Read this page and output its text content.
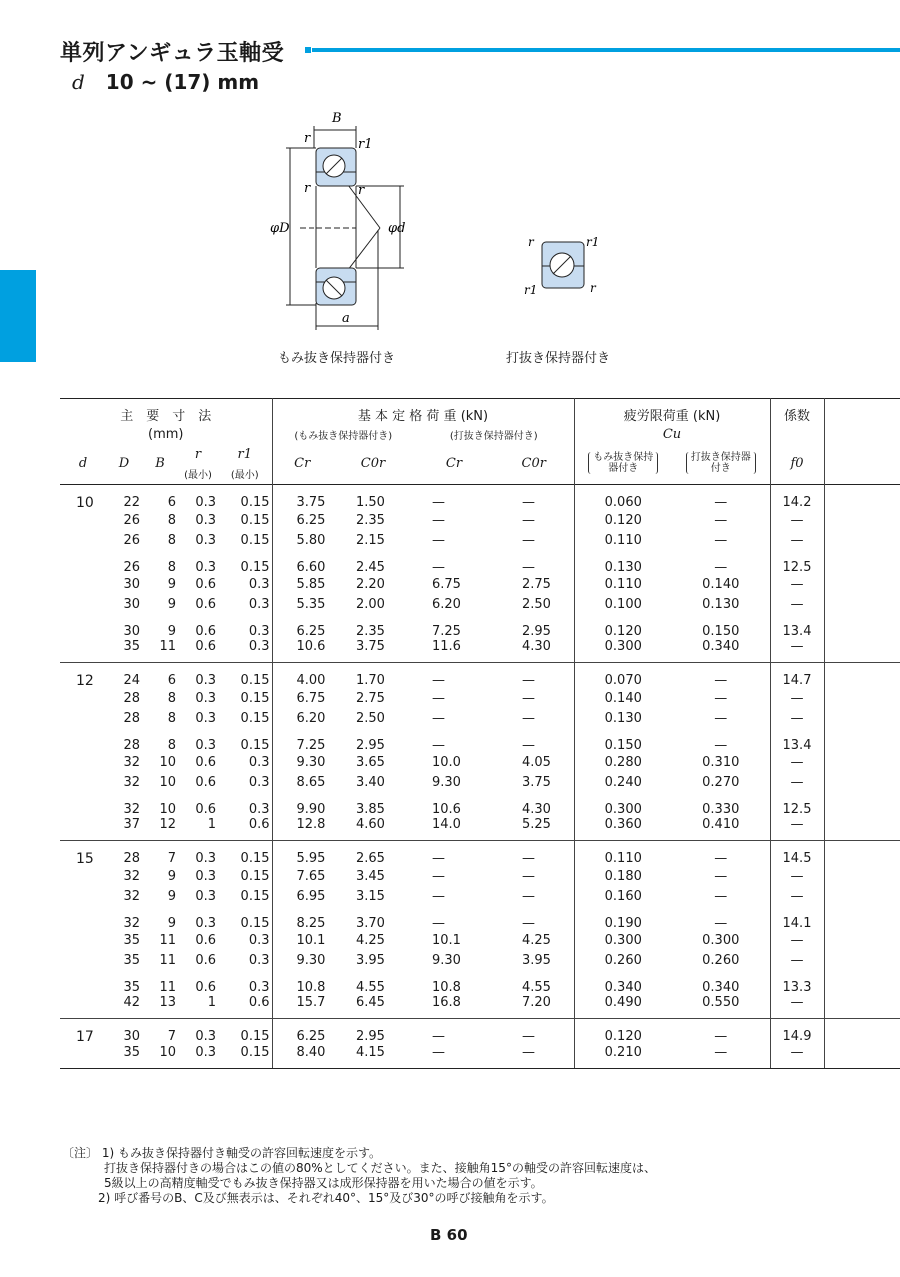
単列アンギュラ玉軸受
d 10 ~ (17) mm
B
r	r1
r	r
φD	φd
a
r	r1
r1	r
もみ抜き保持器付き	打抜き保持器付き
主　要　寸　法					基 本 定 格 荷 重 (kN)				疲労限荷重 (kN)		係数	
(mm)					(もみ抜き保持器付き)		(打抜き保持器付き)		Cu			
d	D	B	r	r1	Cr	C0r	Cr	C0r	もみ抜き保持器付き	打抜き保持器付き	f0	
			(最小)	(最小)								
10	22	6	0.3	0.15	3.75	1.50	—	—	0.060	—	14.2	
	26	8	0.3	0.15	6.25	2.35	—	—	0.120	—	—	
	26	8	0.3	0.15	5.80	2.15	—	—	0.110	—	—	
	26	8	0.3	0.15	6.60	2.45	—	—	0.130	—	12.5	
	30	9	0.6	0.3	5.85	2.20	6.75	2.75	0.110	0.140	—	
	30	9	0.6	0.3	5.35	2.00	6.20	2.50	0.100	0.130	—	
	30	9	0.6	0.3	6.25	2.35	7.25	2.95	0.120	0.150	13.4	
	35	11	0.6	0.3	10.6	3.75	11.6	4.30	0.300	0.340	—	
12	24	6	0.3	0.15	4.00	1.70	—	—	0.070	—	14.7	
	28	8	0.3	0.15	6.75	2.75	—	—	0.140	—	—	
	28	8	0.3	0.15	6.20	2.50	—	—	0.130	—	—	
	28	8	0.3	0.15	7.25	2.95	—	—	0.150	—	13.4	
	32	10	0.6	0.3	9.30	3.65	10.0	4.05	0.280	0.310	—	
	32	10	0.6	0.3	8.65	3.40	9.30	3.75	0.240	0.270	—	
	32	10	0.6	0.3	9.90	3.85	10.6	4.30	0.300	0.330	12.5	
	37	12	1	0.6	12.8	4.60	14.0	5.25	0.360	0.410	—	
15	28	7	0.3	0.15	5.95	2.65	—	—	0.110	—	14.5	
	32	9	0.3	0.15	7.65	3.45	—	—	0.180	—	—	
	32	9	0.3	0.15	6.95	3.15	—	—	0.160	—	—	
	32	9	0.3	0.15	8.25	3.70	—	—	0.190	—	14.1	
	35	11	0.6	0.3	10.1	4.25	10.1	4.25	0.300	0.300	—	
	35	11	0.6	0.3	9.30	3.95	9.30	3.95	0.260	0.260	—	
	35	11	0.6	0.3	10.8	4.55	10.8	4.55	0.340	0.340	13.3	
	42	13	1	0.6	15.7	6.45	16.8	7.20	0.490	0.550	—	
17	30	7	0.3	0.15	6.25	2.95	—	—	0.120	—	14.9	
	35	10	0.3	0.15	8.40	4.15	—	—	0.210	—	—	
〔注〕 1) もみ抜き保持器付き軸受の許容回転速度を示す。
打抜き保持器付きの場合はこの値の80%としてください。また、接触角15°の軸受の許容回転速度は、
5級以上の高精度軸受でもみ抜き保持器又は成形保持器を用いた場合の値を示す。
2) 呼び番号のB、C及び無表示は、それぞれ40°、15°及び30°の呼び接触角を示す。
B 60
